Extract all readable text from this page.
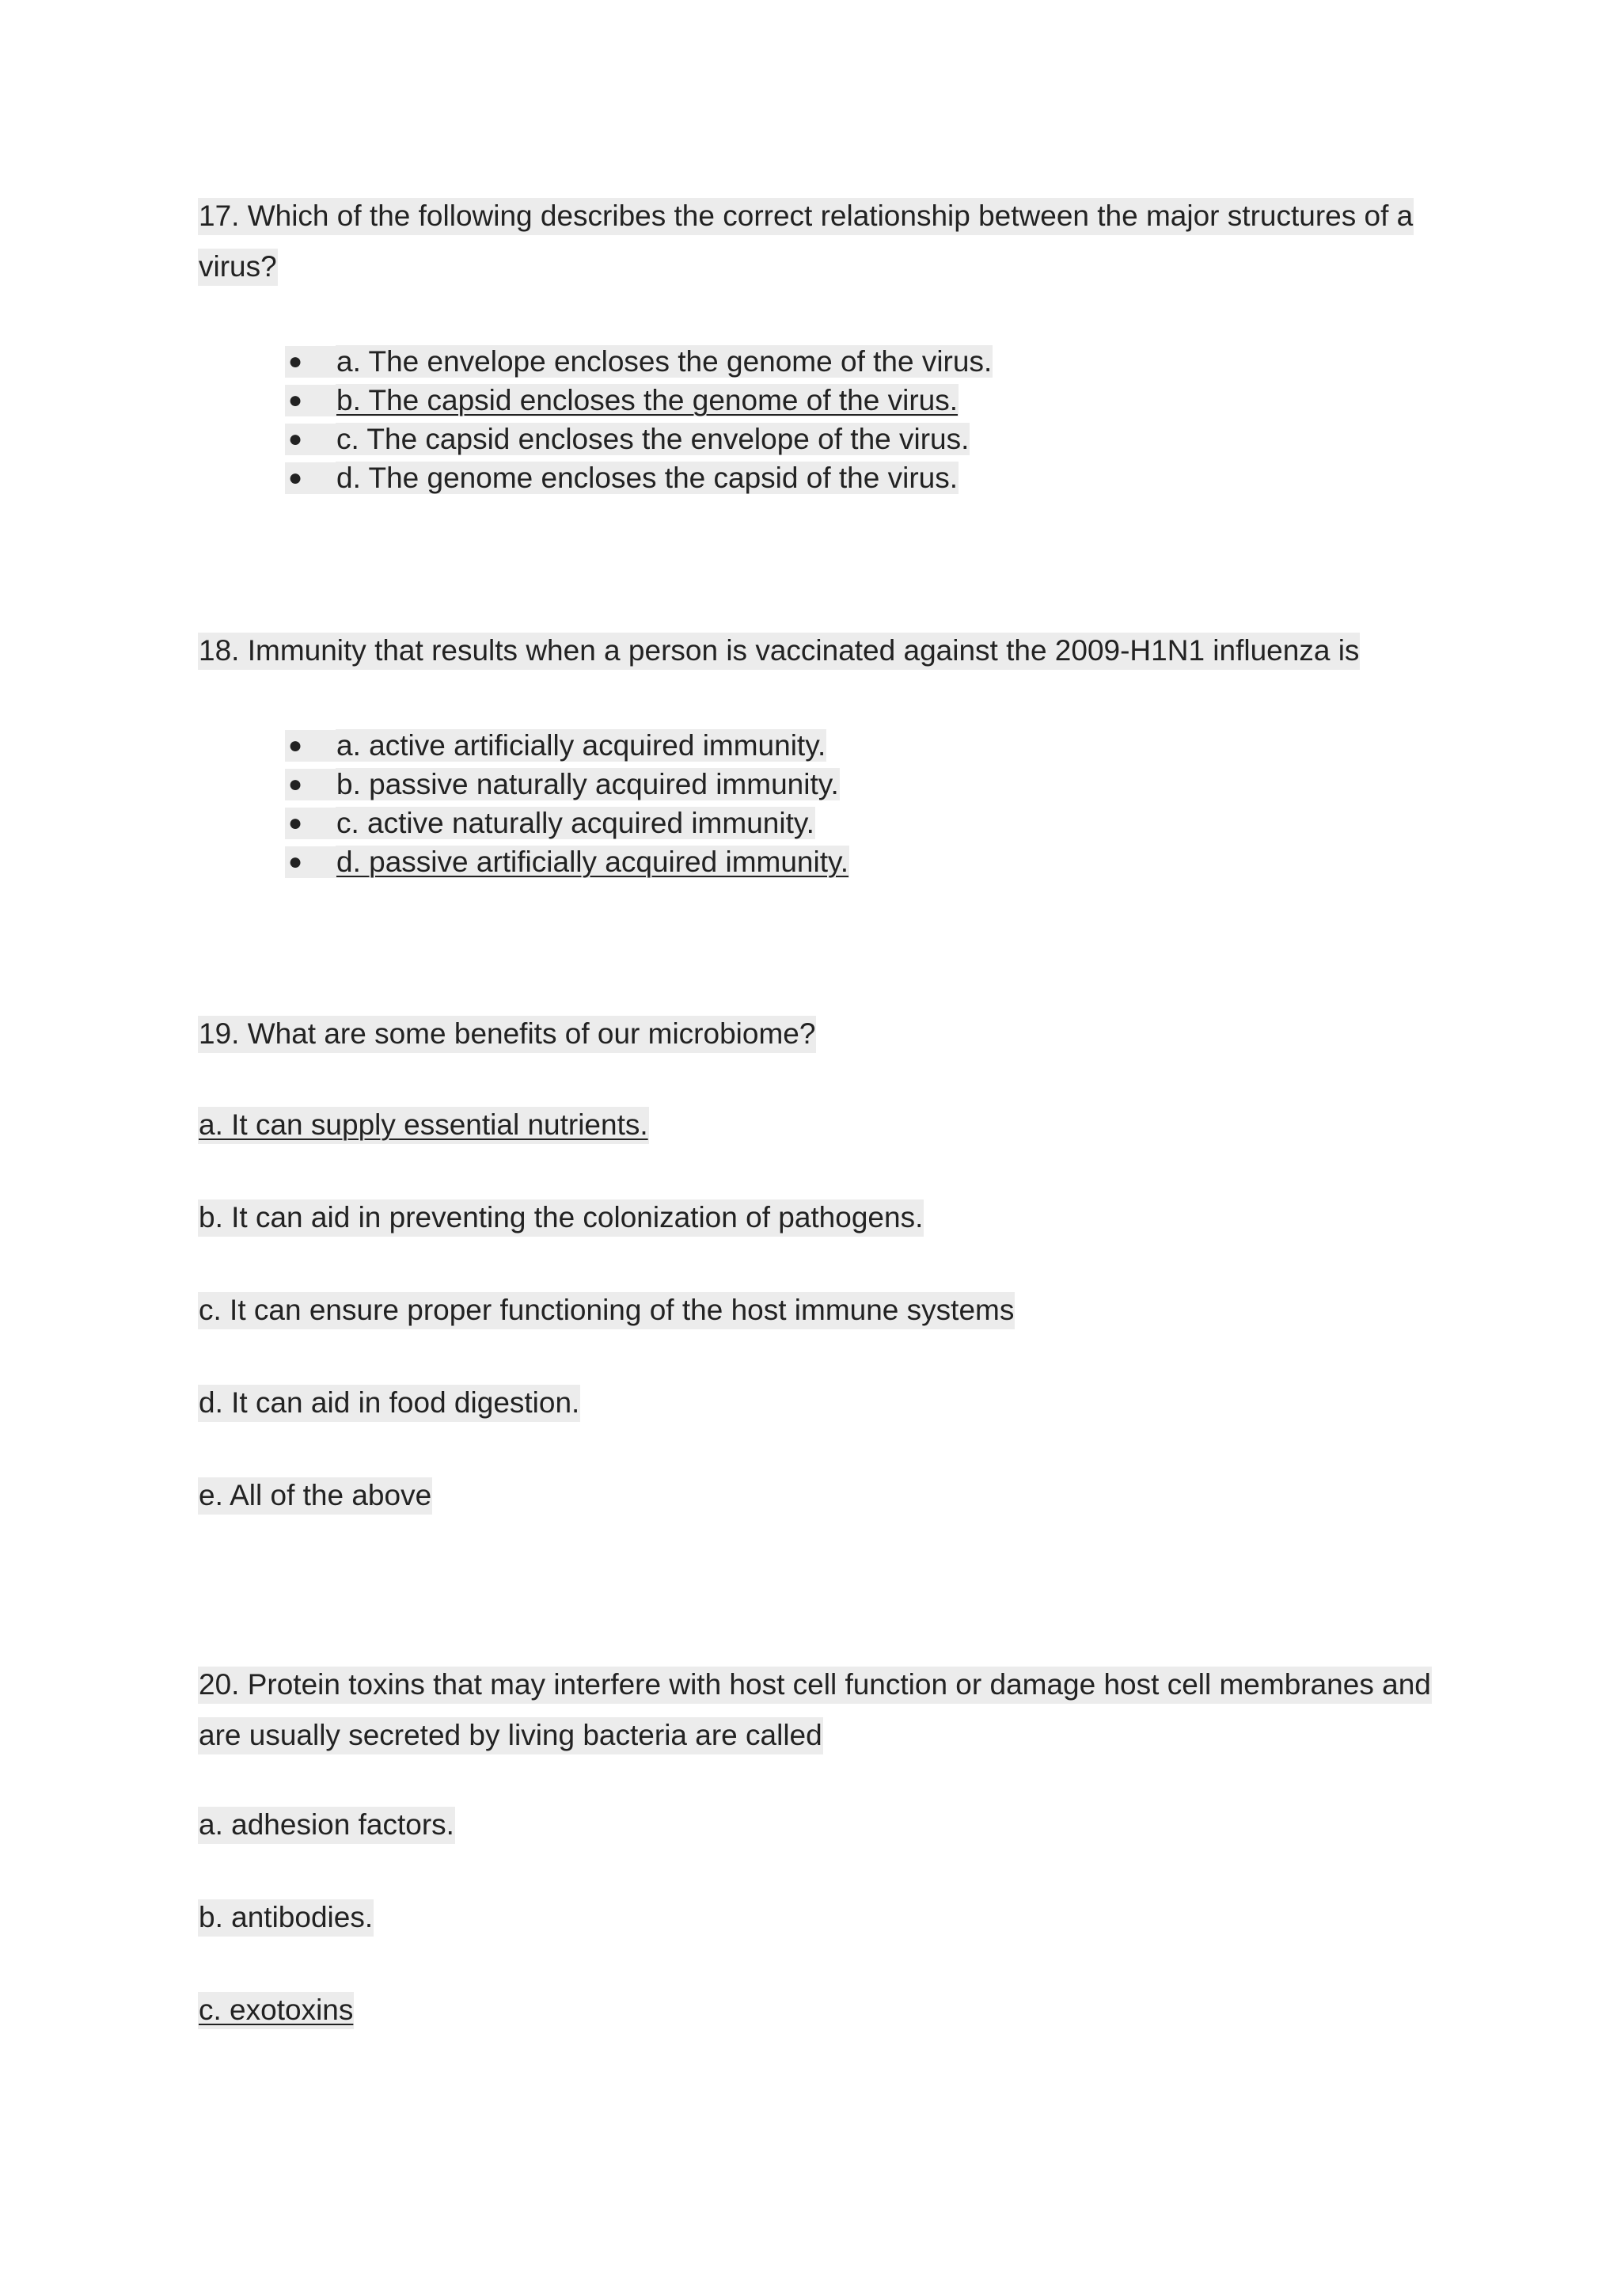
17. Which of the following describes the correct relationship between the major structures of a
virus?
● a. The envelope encloses the genome of the virus.
● b. The capsid encloses the genome of the virus.
● c. The capsid encloses the envelope of the virus.
● d. The genome encloses the capsid of the virus.
18. Immunity that results when a person is vaccinated against the 2009-H1N1 influenza is
● a. active artificially acquired immunity.
● b. passive naturally acquired immunity.
● c. active naturally acquired immunity.
● d. passive artificially acquired immunity.
19. What are some benefits of our microbiome?
a. It can supply essential nutrients.
b. It can aid in preventing the colonization of pathogens.
c. It can ensure proper functioning of the host immune systems
d. It can aid in food digestion.
e. All of the above
20. Protein toxins that may interfere with host cell function or damage host cell membranes and
are usually secreted by living bacteria are called
a. adhesion factors.
b. antibodies.
c. exotoxins
